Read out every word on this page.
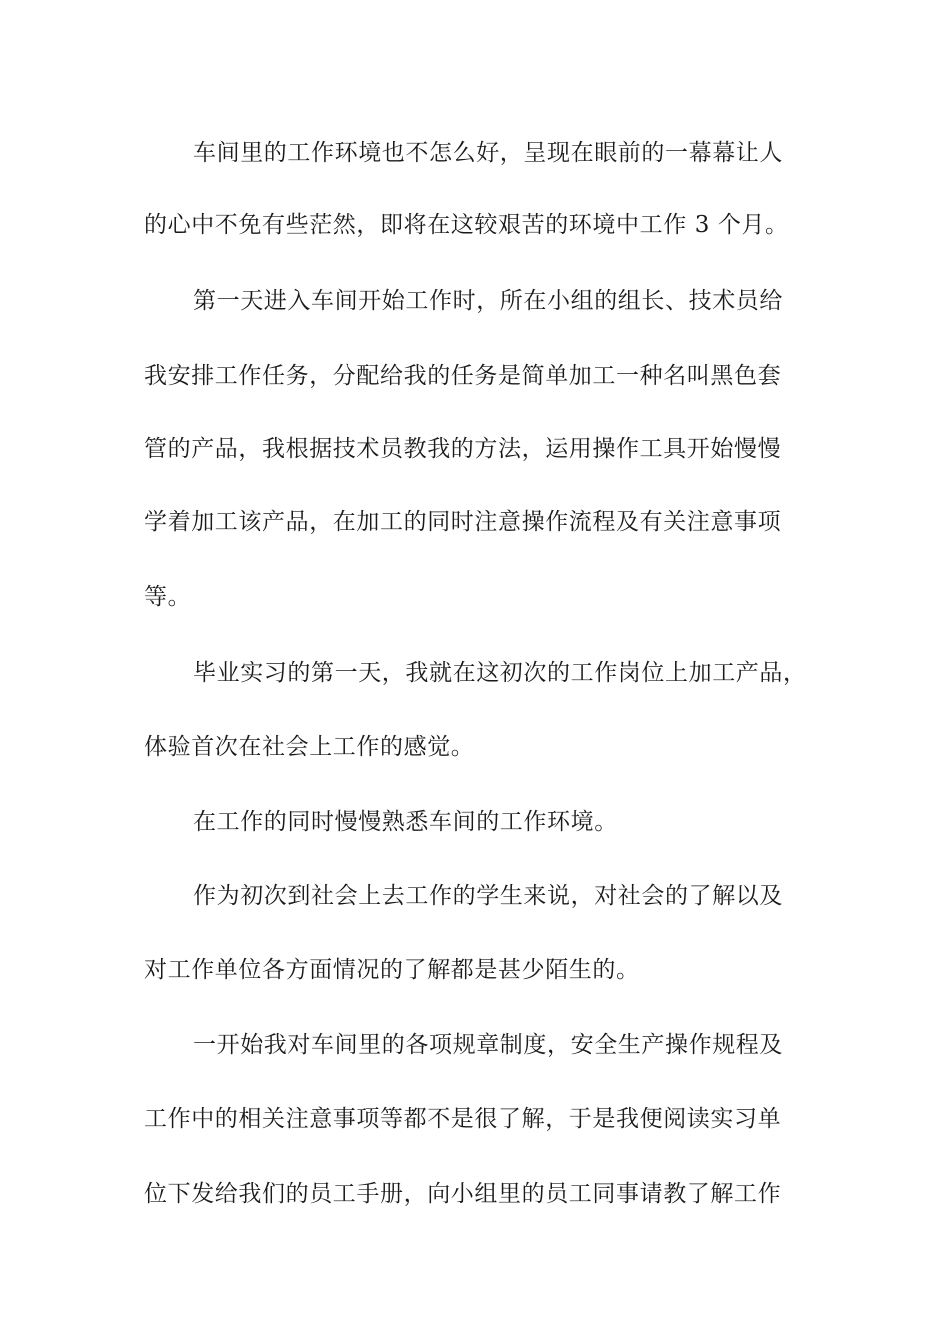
车间里的工作环境也不怎么好，呈现在眼前的一幕幕让人

的心中不免有些茫然，即将在这较艰苦的环境中工作 3 个月。

第一天进入车间开始工作时，所在小组的组长、技术员给

我安排工作任务，分配给我的任务是简单加工一种名叫黑色套

管的产品，我根据技术员教我的方法，运用操作工具开始慢慢

学着加工该产品，在加工的同时注意操作流程及有关注意事项

等。

毕业实习的第一天，我就在这初次的工作岗位上加工产品，

体验首次在社会上工作的感觉。

在工作的同时慢慢熟悉车间的工作环境。

作为初次到社会上去工作的学生来说，对社会的了解以及

对工作单位各方面情况的了解都是甚少陌生的。

一开始我对车间里的各项规章制度，安全生产操作规程及

工作中的相关注意事项等都不是很了解，于是我便阅读实习单

位下发给我们的员工手册，向小组里的员工同事请教了解工作
